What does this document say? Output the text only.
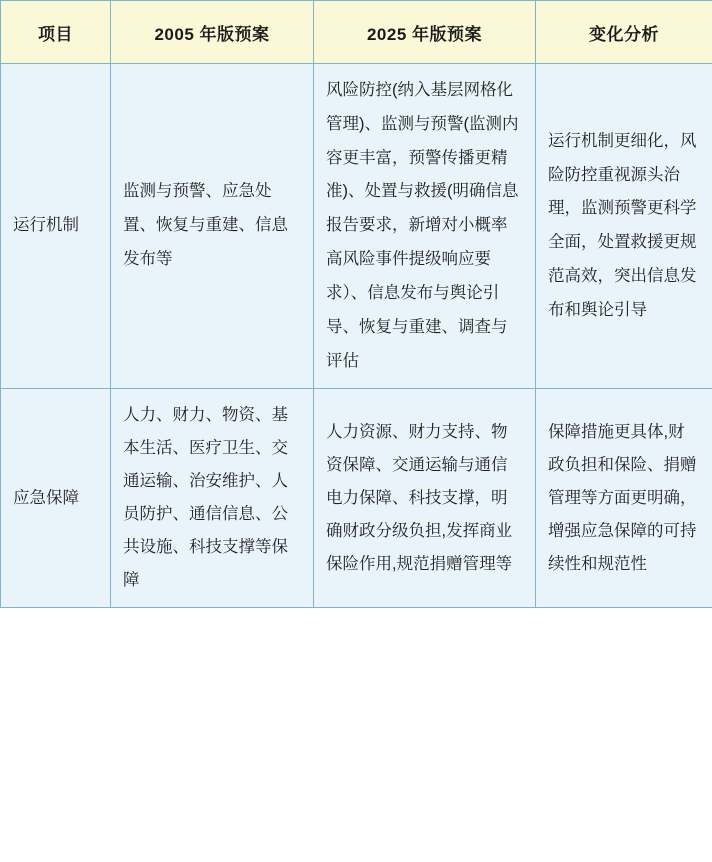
项目	2005 年版预案	2025 年版预案	变化分析
运行机制	监测与预警、应急处置、恢复与重建、信息发布等	风险防控(纳入基层网格化管理)、监测与预警(监测内容更丰富，预警传播更精准)、处置与救援(明确信息报告要求，新增对小概率高风险事件提级响应要求）、信息发布与舆论引导、恢复与重建、调查与评估	运行机制更细化，风险防控重视源头治理，监测预警更科学全面，处置救援更规范高效，突出信息发布和舆论引导
应急保障	人力、财力、物资、基本生活、医疗卫生、交通运输、治安维护、人员防护、通信信息、公共设施、科技支撑等保障	人力资源、财力支持、物资保障、交通运输与通信电力保障、科技支撑，明确财政分级负担,发挥商业保险作用,规范捐赠管理等	保障措施更具体,财政负担和保险、捐赠管理等方面更明确，增强应急保障的可持续性和规范性
